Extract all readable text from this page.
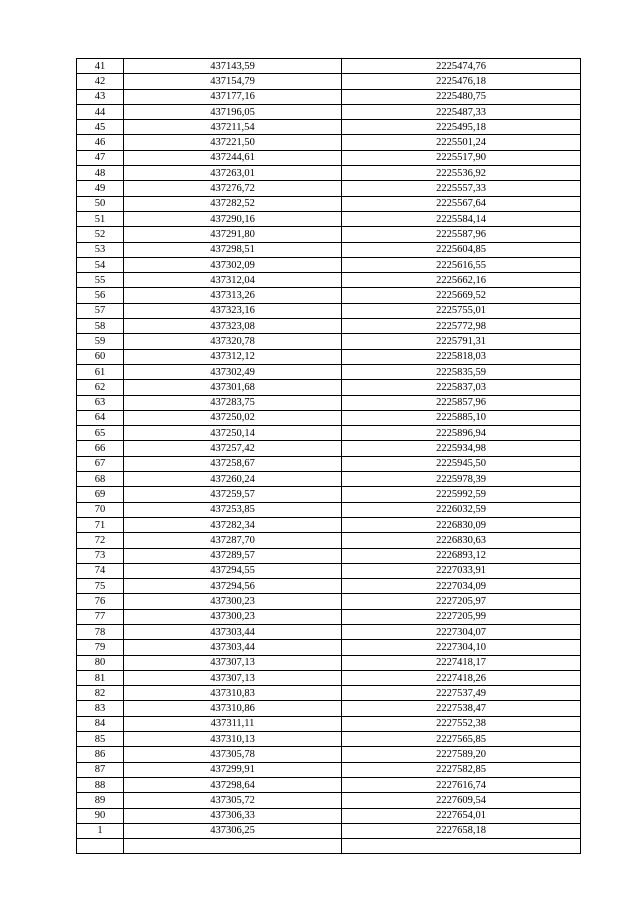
41	437143,59	2225474,76
42	437154,79	2225476,18
43	437177,16	2225480,75
44	437196,05	2225487,33
45	437211,54	2225495,18
46	437221,50	2225501,24
47	437244,61	2225517,90
48	437263,01	2225536,92
49	437276,72	2225557,33
50	437282,52	2225567,64
51	437290,16	2225584,14
52	437291,80	2225587,96
53	437298,51	2225604,85
54	437302,09	2225616,55
55	437312,04	2225662,16
56	437313,26	2225669,52
57	437323,16	2225755,01
58	437323,08	2225772,98
59	437320,78	2225791,31
60	437312,12	2225818,03
61	437302,49	2225835,59
62	437301,68	2225837,03
63	437283,75	2225857,96
64	437250,02	2225885,10
65	437250,14	2225896,94
66	437257,42	2225934,98
67	437258,67	2225945,50
68	437260,24	2225978,39
69	437259,57	2225992,59
70	437253,85	2226032,59
71	437282,34	2226830,09
72	437287,70	2226830,63
73	437289,57	2226893,12
74	437294,55	2227033,91
75	437294,56	2227034,09
76	437300,23	2227205,97
77	437300,23	2227205,99
78	437303,44	2227304,07
79	437303,44	2227304,10
80	437307,13	2227418,17
81	437307,13	2227418,26
82	437310,83	2227537,49
83	437310,86	2227538,47
84	437311,11	2227552,38
85	437310,13	2227565,85
86	437305,78	2227589,20
87	437299,91	2227582,85
88	437298,64	2227616,74
89	437305,72	2227609,54
90	437306,33	2227654,01
1	437306,25	2227658,18
